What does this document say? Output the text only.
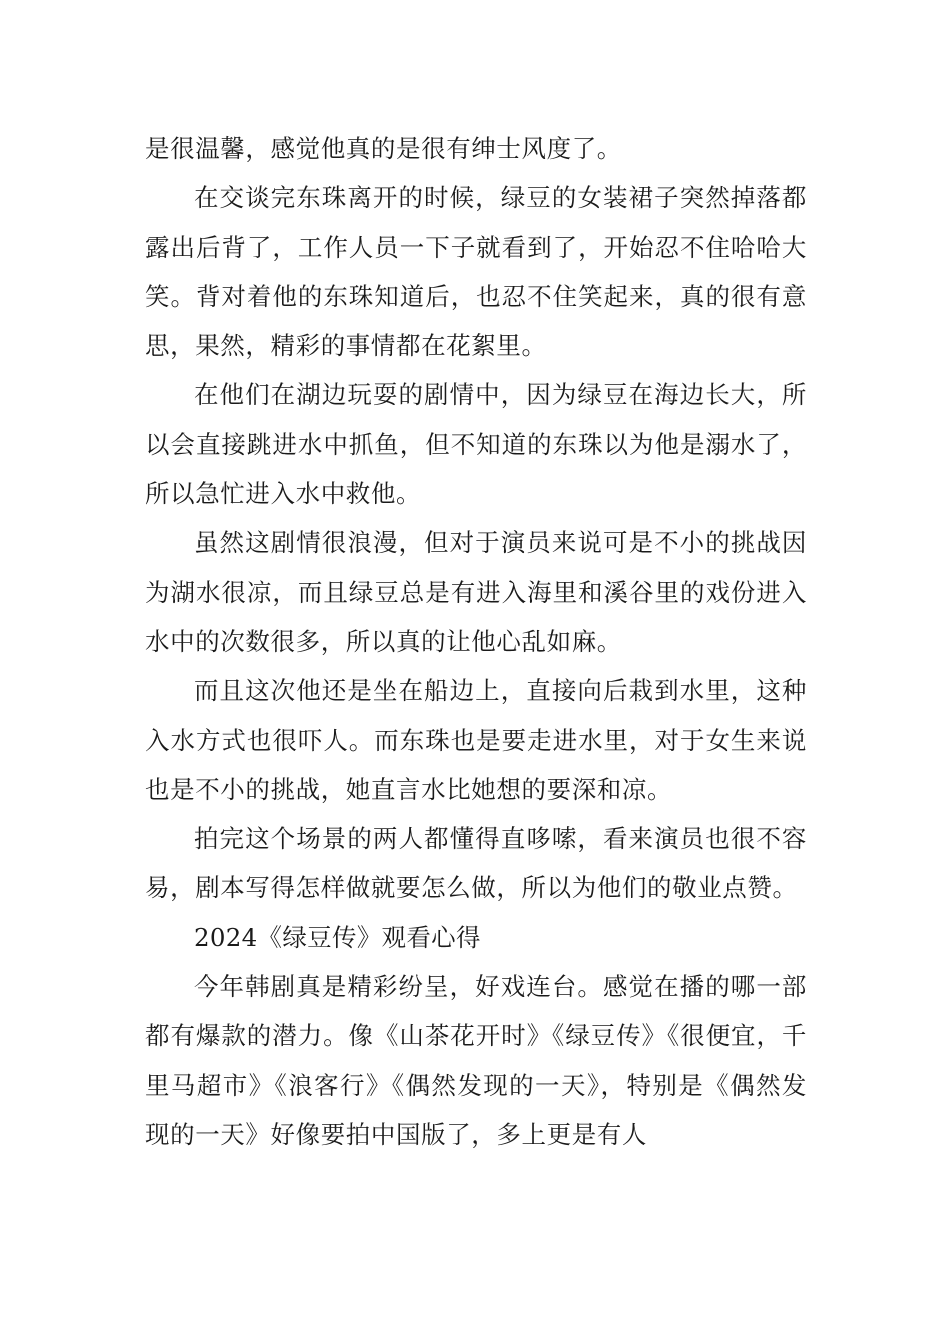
是很温馨，感觉他真的是很有绅士风度了。

在交谈完东珠离开的时候，绿豆的女装裙子突然掉落都露出后背了，工作人员一下子就看到了，开始忍不住哈哈大笑。背对着他的东珠知道后，也忍不住笑起来，真的很有意思，果然，精彩的事情都在花絮里。

在他们在湖边玩耍的剧情中，因为绿豆在海边长大，所以会直接跳进水中抓鱼，但不知道的东珠以为他是溺水了，所以急忙进入水中救他。

虽然这剧情很浪漫，但对于演员来说可是不小的挑战因为湖水很凉，而且绿豆总是有进入海里和溪谷里的戏份进入水中的次数很多，所以真的让他心乱如麻。

而且这次他还是坐在船边上，直接向后栽到水里，这种入水方式也很吓人。而东珠也是要走进水里，对于女生来说也是不小的挑战，她直言水比她想的要深和凉。

拍完这个场景的两人都懂得直哆嗦，看来演员也很不容易，剧本写得怎样做就要怎么做，所以为他们的敬业点赞。

2024《绿豆传》观看心得

今年韩剧真是精彩纷呈，好戏连台。感觉在播的哪一部都有爆款的潜力。像《山茶花开时》《绿豆传》《很便宜，千里马超市》《浪客行》《偶然发现的一天》，特别是《偶然发现的一天》好像要拍中国版了，多上更是有人
